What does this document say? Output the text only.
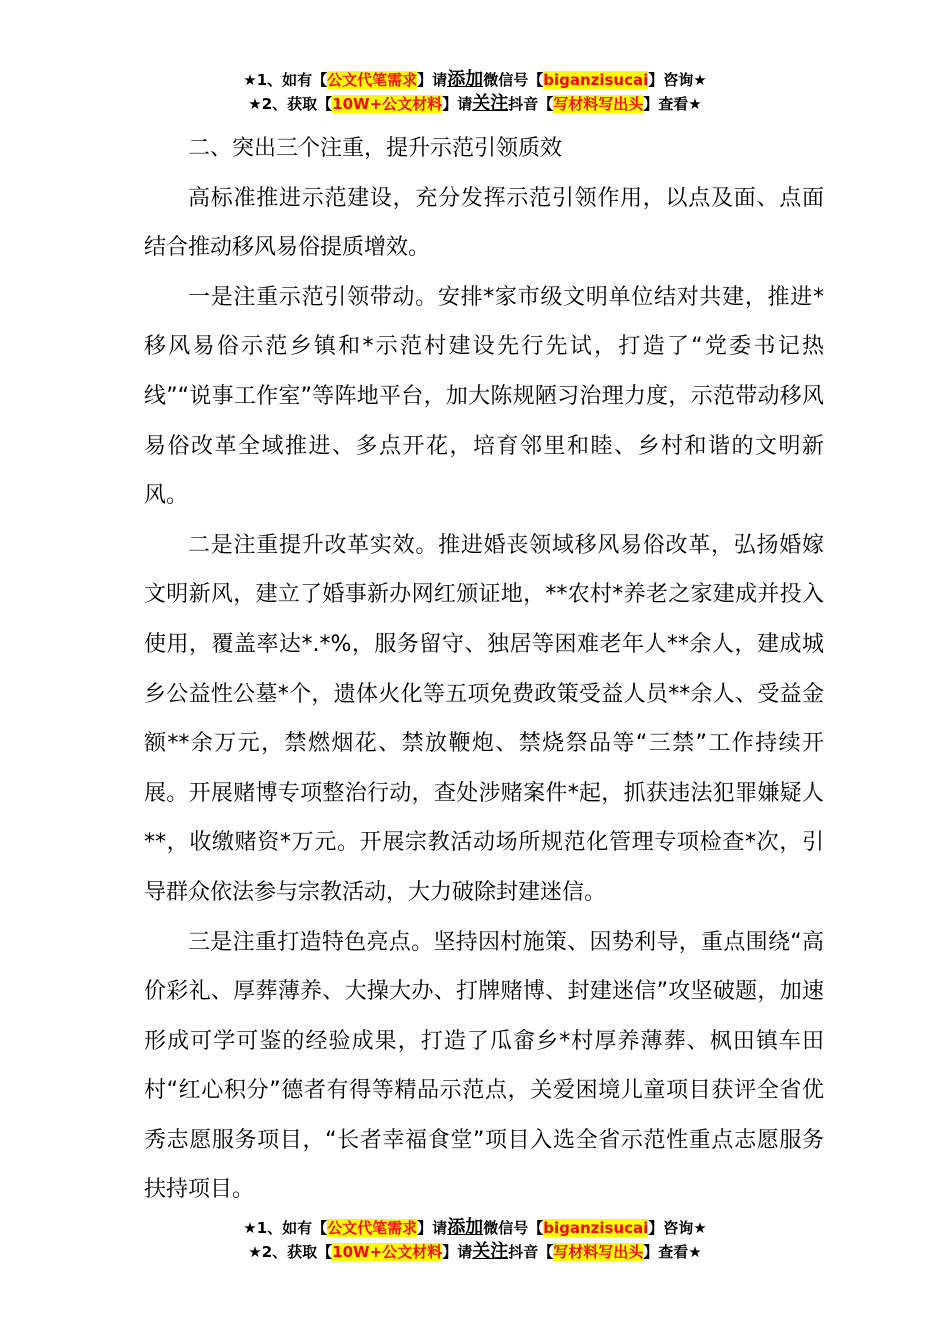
★1、如有【公文代笔需求】请添加微信号【biganzisucai】咨询★
★2、获取【10W+公文材料】请关注抖音【写材料写出头】查看★

二、突出三个注重，提升示范引领质效

高标准推进示范建设，充分发挥示范引领作用，以点及面、点面结合推动移风易俗提质增效。

一是注重示范引领带动。安排*家市级文明单位结对共建，推进*移风易俗示范乡镇和*示范村建设先行先试，打造了“党委书记热线”“说事工作室”等阵地平台，加大陈规陋习治理力度，示范带动移风易俗改革全域推进、多点开花，培育邻里和睦、乡村和谐的文明新风。

二是注重提升改革实效。推进婚丧领域移风易俗改革，弘扬婚嫁文明新风，建立了婚事新办网红颁证地，**农村*养老之家建成并投入使用，覆盖率达*.*%，服务留守、独居等困难老年人**余人，建成城乡公益性公墓*个，遗体火化等五项免费政策受益人员**余人、受益金额**余万元，禁燃烟花、禁放鞭炮、禁烧祭品等“三禁”工作持续开展。开展赌博专项整治行动，查处涉赌案件*起，抓获违法犯罪嫌疑人**，收缴赌资*万元。开展宗教活动场所规范化管理专项检查*次，引导群众依法参与宗教活动，大力破除封建迷信。

三是注重打造特色亮点。坚持因村施策、因势利导，重点围绕“高价彩礼、厚葬薄养、大操大办、打牌赌博、封建迷信”攻坚破题，加速形成可学可鉴的经验成果，打造了瓜畲乡*村厚养薄葬、枫田镇车田村“红心积分”德者有得等精品示范点，关爱困境儿童项目获评全省优秀志愿服务项目，“长者幸福食堂”项目入选全省示范性重点志愿服务扶持项目。

★1、如有【公文代笔需求】请添加微信号【biganzisucai】咨询★
★2、获取【10W+公文材料】请关注抖音【写材料写出头】查看★
